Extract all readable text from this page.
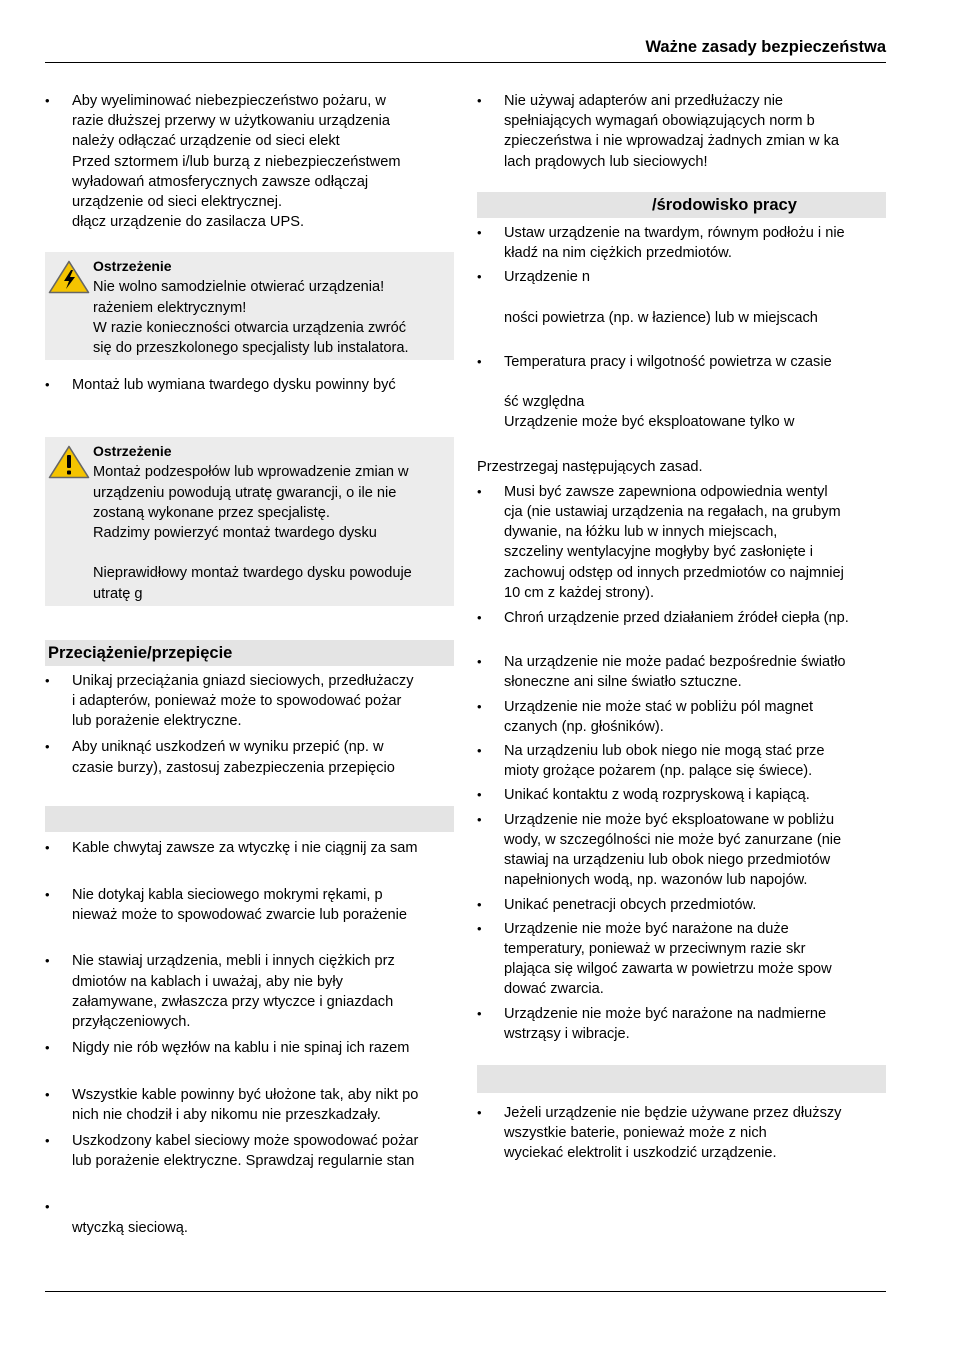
Ważne zasady bezpieczeństwa
• Aby wyeliminować niebezpieczeństwo pożaru, w
razie dłuższej przerwy w użytkowaniu urządzenia
należy odłączać urządzenie od sieci elekt
Przed sztormem i/lub burzą z niebezpieczeństwem
wyładowań atmosferycznych zawsze odłączaj
urządzenie od sieci elektrycznej.
dłącz urządzenie do zasilacza UPS.
Ostrzeżenie

Nie wolno samodzielnie otwierać urządzenia!
rażeniem elektrycznym!
W razie konieczności otwarcia urządzenia zwróć
się do przeszkolonego specjalisty lub instalatora.

• Montaż lub wymiana twardego dysku powinny być
Ostrzeżenie

Montaż podzespołów lub wprowadzenie zmian w
urządzeniu powodują utratę gwarancji, o ile nie
zostaną wykonane przez specjalistę.
Radzimy powierzyć montaż twardego dysku

Nieprawidłowy montaż twardego dysku powoduje
utratę g

Przeciążenie/przepięcie
• Unikaj przeciążania gniazd sieciowych, przedłużaczy
i adapterów, ponieważ może to spowodować pożar
lub porażenie elektryczne.
• Aby uniknąć uszkodzeń w wyniku przepić (np. w
czasie burzy), zastosuj zabezpieczenia przepięcio
• Kable chwytaj zawsze za wtyczkę i nie ciągnij za sam
• Nie dotykaj kabla sieciowego mokrymi rękami, p
nieważ może to spowodować zwarcie lub porażenie
• Nie stawiaj urządzenia, mebli i innych ciężkich prz
dmiotów na kablach i uważaj, aby nie były
załamywane, zwłaszcza przy wtyczce i gniazdach
przyłączeniowych.
• Nigdy nie rób węzłów na kablu i nie spinaj ich razem
• Wszystkie kable powinny być ułożone tak, aby nikt po
nich nie chodził i aby nikomu nie przeszkadzały.
• Uszkodzony kabel sieciowy może spowodować pożar
lub porażenie elektryczne. Sprawdzaj regularnie stan
•
wtyczką sieciową.
• Nie używaj adapterów ani przedłużaczy nie
spełniających wymagań obowiązujących norm b
zpieczeństwa i nie wprowadzaj żadnych zmian w ka
lach prądowych lub sieciowych!
/środowisko pracy
• Ustaw urządzenie na twardym, równym podłożu i nie
kładź na nim ciężkich przedmiotów.
• Urządzenie n

ności powietrza (np. w łazience) lub w miejscach
• Temperatura pracy i wilgotność powietrza w czasie

ść względna
Urządzenie może być eksploatowane tylko w

Przestrzegaj następujących zasad.

• Musi być zawsze zapewniona odpowiednia wentyl
cja (nie ustawiaj urządzenia na regałach, na grubym
dywanie, na łóżku lub w innych miejscach,
szczeliny wentylacyjne mogłyby być zasłonięte i
zachowuj odstęp od innych przedmiotów co najmniej
10 cm z każdej strony).
• Chroń urządzenie przed działaniem źródeł ciepła (np.
• Na urządzenie nie może padać bezpośrednie światło
słoneczne ani silne światło sztuczne.
• Urządzenie nie może stać w pobliżu pól magnet
czanych (np. głośników).
• Na urządzeniu lub obok niego nie mogą stać prze
mioty grożące pożarem (np. palące się świece).
• Unikać kontaktu z wodą rozpryskową i kapiącą.
• Urządzenie nie może być eksploatowane w pobliżu
wody, w szczególności nie może być zanurzane (nie
stawiaj na urządzeniu lub obok niego przedmiotów
napełnionych wodą, np. wazonów lub napojów.
• Unikać penetracji obcych przedmiotów.
• Urządzenie nie może być narażone na duże
temperatury, ponieważ w przeciwnym razie skr
plająca się wilgoć zawarta w powietrzu może spow
dować zwarcia.
• Urządzenie nie może być narażone na nadmierne
wstrząsy i wibracje.
• Jeżeli urządzenie nie będzie używane przez dłuższy
wszystkie baterie, ponieważ może z nich
wyciekać elektrolit i uszkodzić urządzenie.
